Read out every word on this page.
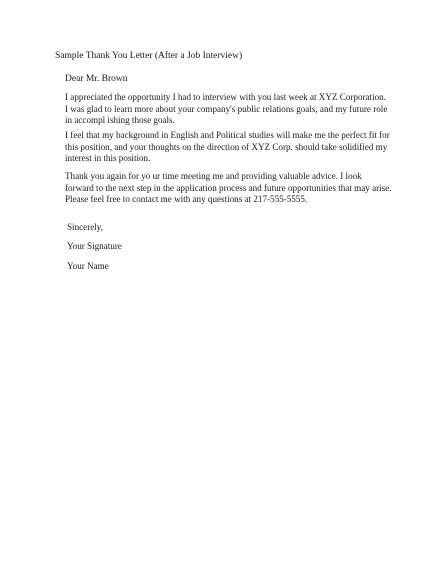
Sample Thank You Letter (After a Job Interview)
Dear Mr. Brown

I appreciated the opportunity I had to interview with you last week at XYZ Corporation.
I was glad to learn more about your company's public relations goals, and my future role
in accompl ishing those goals.

I feel that my background in English and Political studies will make me the perfect fit for
this position, and your thoughts on the direction of XYZ Corp. should take solidified my
interest in this position.

Thank you again for yo ur time meeting me and providing valuable advice. I look
forward to the next step in the application process and future opportunities that may arise.
Please feel free to contact me with any questions at 217-555-5555.

Sincerely,
Your Signature
Your Name
